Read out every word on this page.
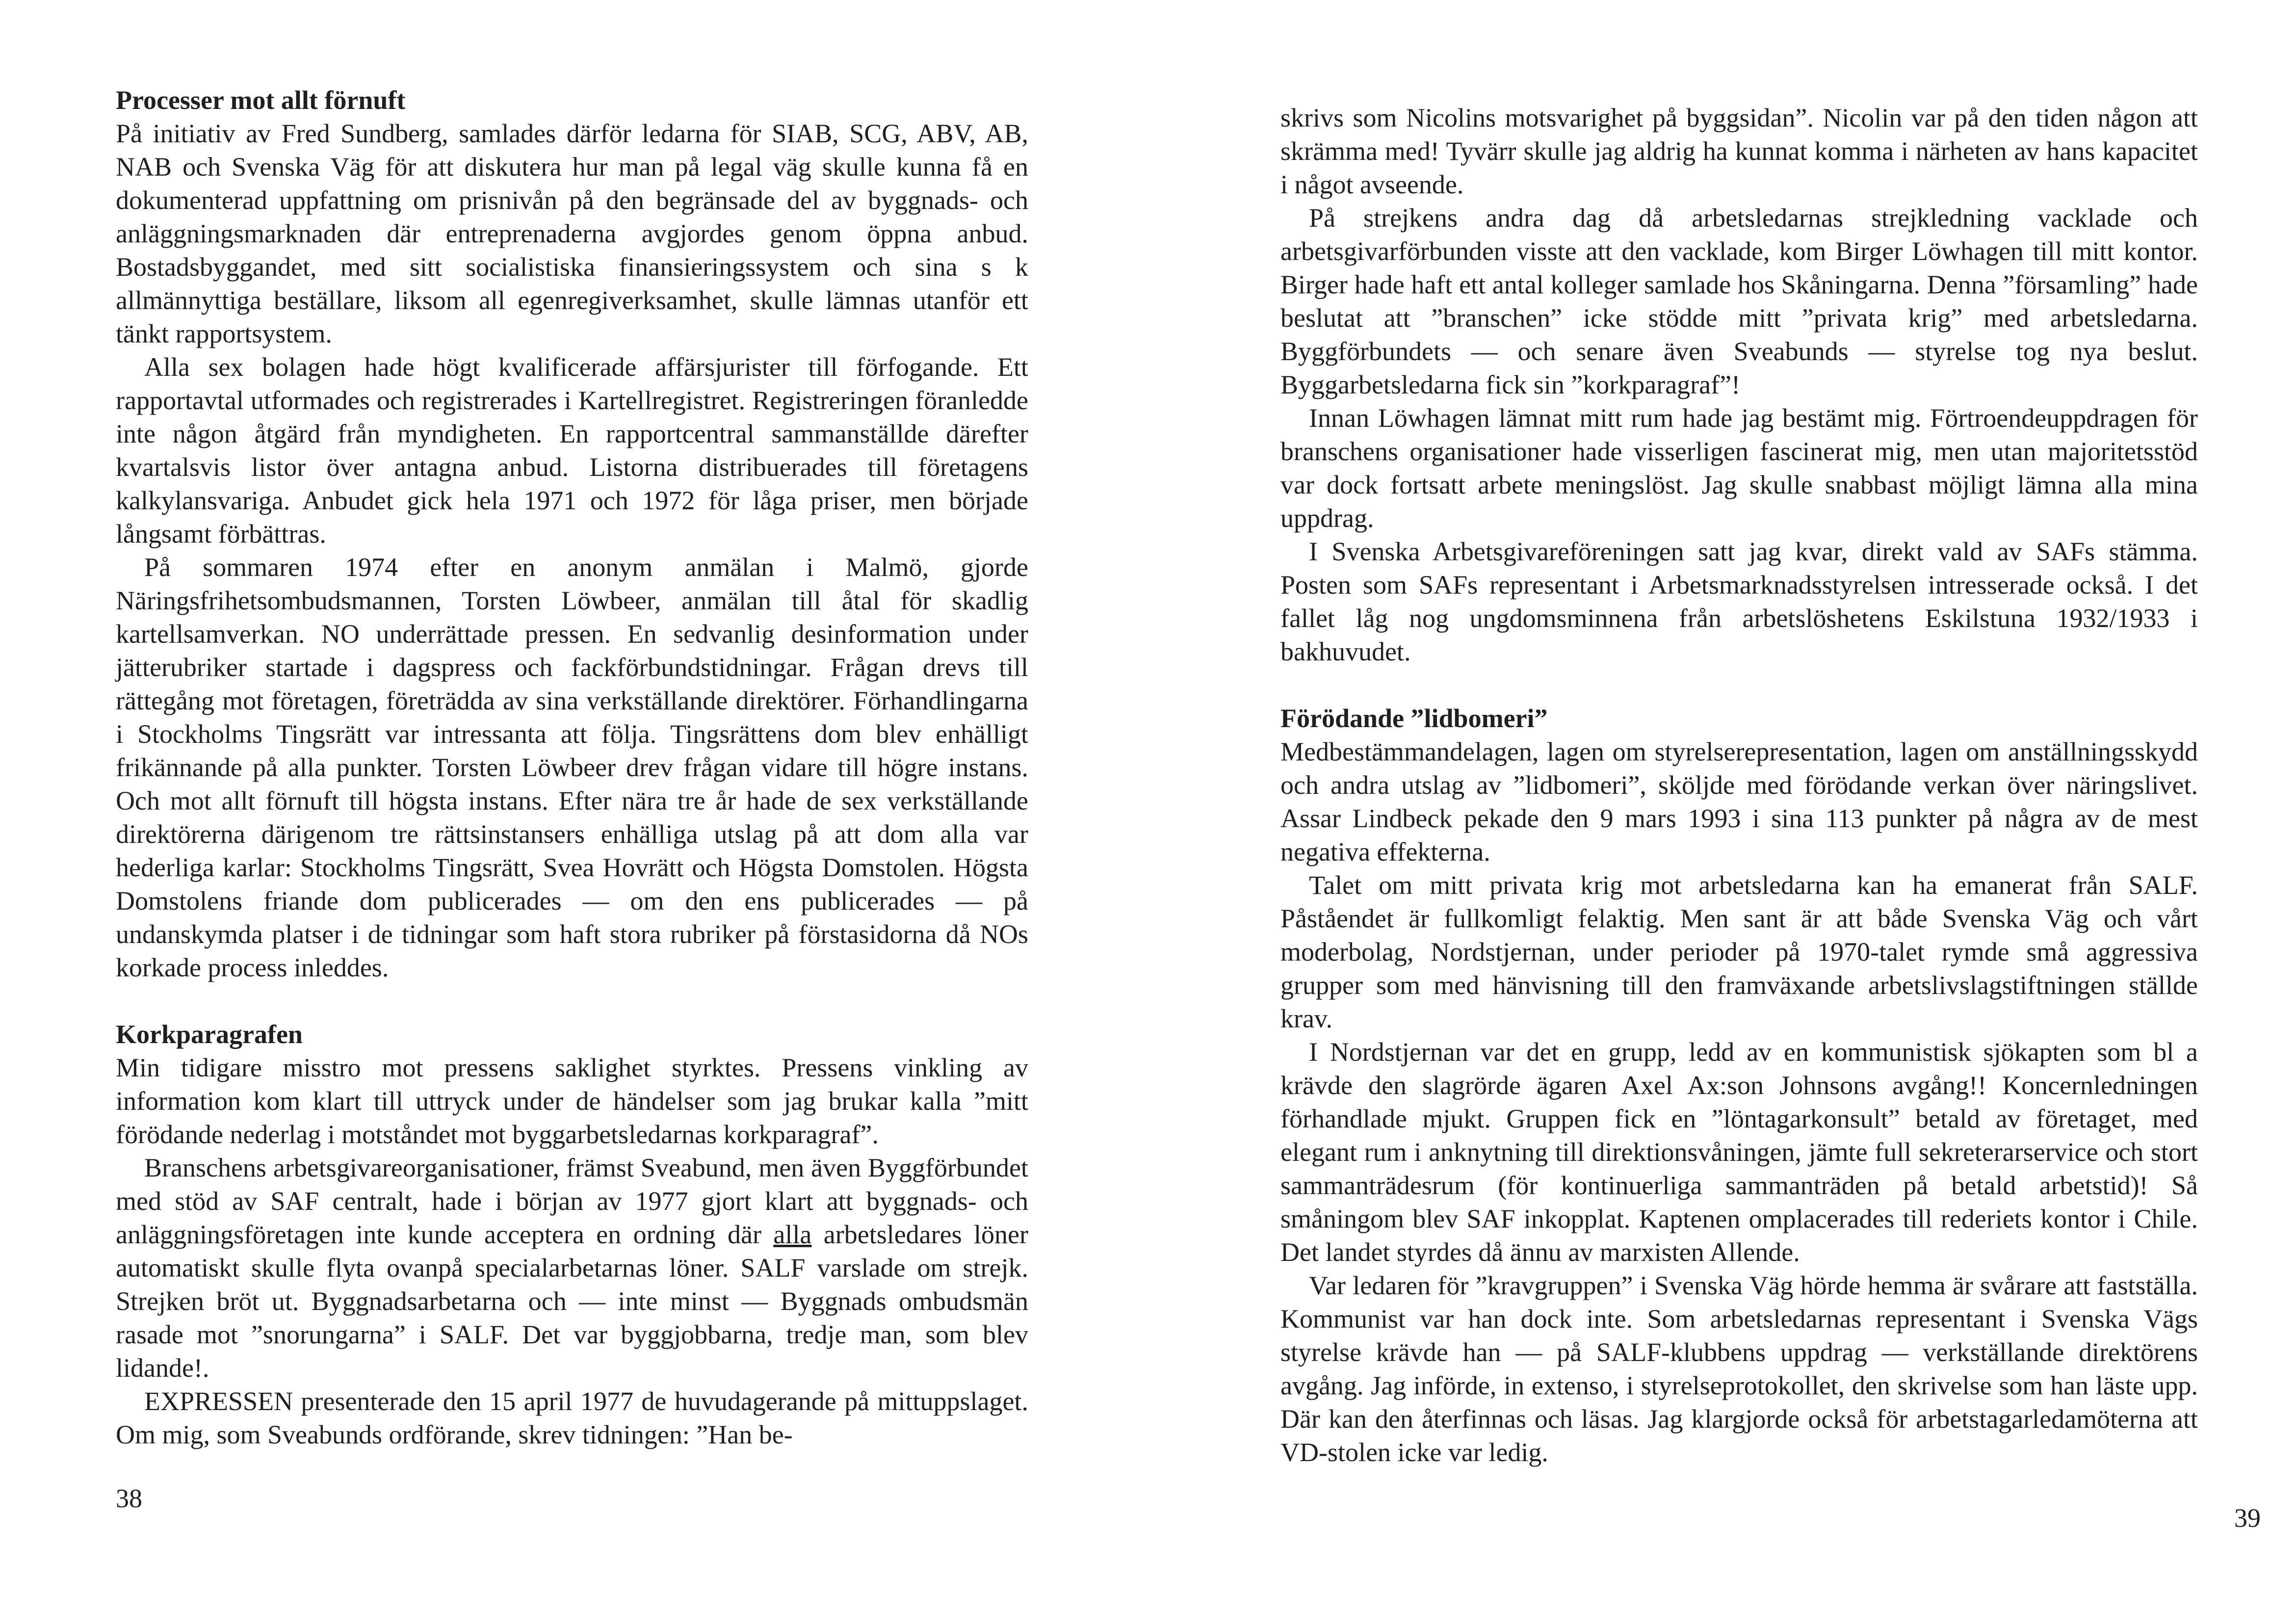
Processer mot allt förnuft

På initiativ av Fred Sundberg, samlades därför ledarna för SIAB, SCG, ABV, AB, NAB och Svenska Väg för att diskutera hur man på legal väg skulle kunna få en dokumenterad uppfattning om prisnivån på den begränsade del av byggnads- och anläggningsmarknaden där entreprenaderna avgjordes genom öppna anbud. Bostadsbyggandet, med sitt socialistiska finansieringssystem och sina s k allmännyttiga beställare, liksom all egenregiverksamhet, skulle lämnas utanför ett tänkt rapportsystem.

Alla sex bolagen hade högt kvalificerade affärsjurister till förfogande. Ett rapportavtal utformades och registrerades i Kartellregistret. Registreringen föranledde inte någon åtgärd från myndigheten. En rapportcentral sammanställde därefter kvartalsvis listor över antagna anbud. Listorna distribuerades till företagens kalkylansvariga. Anbudet gick hela 1971 och 1972 för låga priser, men började långsamt förbättras.

På sommaren 1974 efter en anonym anmälan i Malmö, gjorde Näringsfrihetsombudsmannen, Torsten Löwbeer, anmälan till åtal för skadlig kartellsamverkan. NO underrättade pressen. En sedvanlig desinformation under jätterubriker startade i dagspress och fackförbundstidningar. Frågan drevs till rättegång mot företagen, företrädda av sina verkställande direktörer. Förhandlingarna i Stockholms Tingsrätt var intressanta att följa. Tingsrättens dom blev enhälligt frikännande på alla punkter. Torsten Löwbeer drev frågan vidare till högre instans. Och mot allt förnuft till högsta instans. Efter nära tre år hade de sex verkställande direktörerna därigenom tre rättsinstansers enhälliga utslag på att dom alla var hederliga karlar: Stockholms Tingsrätt, Svea Hovrätt och Högsta Domstolen. Högsta Domstolens friande dom publicerades — om den ens publicerades — på undanskymda platser i de tidningar som haft stora rubriker på förstasidorna då NOs korkade process inleddes.

Korkparagrafen

Min tidigare misstro mot pressens saklighet styrktes. Pressens vinkling av information kom klart till uttryck under de händelser som jag brukar kalla ”mitt förödande nederlag i motståndet mot byggarbetsledarnas korkparagraf”.

Branschens arbetsgivareorganisationer, främst Sveabund, men även Byggförbundet med stöd av SAF centralt, hade i början av 1977 gjort klart att byggnads- och anläggningsföretagen inte kunde acceptera en ordning där alla arbetsledares löner automatiskt skulle flyta ovanpå specialarbetarnas löner. SALF varslade om strejk. Strejken bröt ut. Byggnadsarbetarna och — inte minst — Byggnads ombudsmän rasade mot ”snorungarna” i SALF. Det var byggjobbarna, tredje man, som blev lidande!.

EXPRESSEN presenterade den 15 april 1977 de huvudagerande på mittuppslaget. Om mig, som Sveabunds ordförande, skrev tidningen: ”Han be-

38

skrivs som Nicolins motsvarighet på byggsidan”. Nicolin var på den tiden någon att skrämma med! Tyvärr skulle jag aldrig ha kunnat komma i närheten av hans kapacitet i något avseende.

På strejkens andra dag då arbetsledarnas strejkledning vacklade och arbetsgivarförbunden visste att den vacklade, kom Birger Löwhagen till mitt kontor. Birger hade haft ett antal kolleger samlade hos Skåningarna. Denna ”församling” hade beslutat att ”branschen” icke stödde mitt ”privata krig” med arbetsledarna. Byggförbundets — och senare även Sveabunds — styrelse tog nya beslut. Byggarbetsledarna fick sin ”korkparagraf”!

Innan Löwhagen lämnat mitt rum hade jag bestämt mig. Förtroendeuppdragen för branschens organisationer hade visserligen fascinerat mig, men utan majoritetsstöd var dock fortsatt arbete meningslöst. Jag skulle snabbast möjligt lämna alla mina uppdrag.

I Svenska Arbetsgivareföreningen satt jag kvar, direkt vald av SAFs stämma. Posten som SAFs representant i Arbetsmarknadsstyrelsen intresserade också. I det fallet låg nog ungdomsminnena från arbetslöshetens Eskilstuna 1932/1933 i bakhuvudet.

Förödande ”lidbomeri”

Medbestämmandelagen, lagen om styrelserepresentation, lagen om anställningsskydd och andra utslag av ”lidbomeri”, sköljde med förödande verkan över näringslivet. Assar Lindbeck pekade den 9 mars 1993 i sina 113 punkter på några av de mest negativa effekterna.

Talet om mitt privata krig mot arbetsledarna kan ha emanerat från SALF. Påståendet är fullkomligt felaktig. Men sant är att både Svenska Väg och vårt moderbolag, Nordstjernan, under perioder på 1970-talet rymde små aggressiva grupper som med hänvisning till den framväxande arbetslivslagstiftningen ställde krav.

I Nordstjernan var det en grupp, ledd av en kommunistisk sjökapten som bl a krävde den slagrörde ägaren Axel Ax:son Johnsons avgång!! Koncernledningen förhandlade mjukt. Gruppen fick en ”löntagarkonsult” betald av företaget, med elegant rum i anknytning till direktionsvåningen, jämte full sekreterarservice och stort sammanträdesrum (för kontinuerliga sammanträden på betald arbetstid)! Så småningom blev SAF inkopplat. Kaptenen omplacerades till rederiets kontor i Chile. Det landet styrdes då ännu av marxisten Allende.

Var ledaren för ”kravgruppen” i Svenska Väg hörde hemma är svårare att fastställa. Kommunist var han dock inte. Som arbetsledarnas representant i Svenska Vägs styrelse krävde han — på SALF-klubbens uppdrag — verkställande direktörens avgång. Jag införde, in extenso, i styrelseprotokollet, den skrivelse som han läste upp. Där kan den återfinnas och läsas. Jag klargjorde också för arbetstagarledamöterna att VD-stolen icke var ledig.

39
